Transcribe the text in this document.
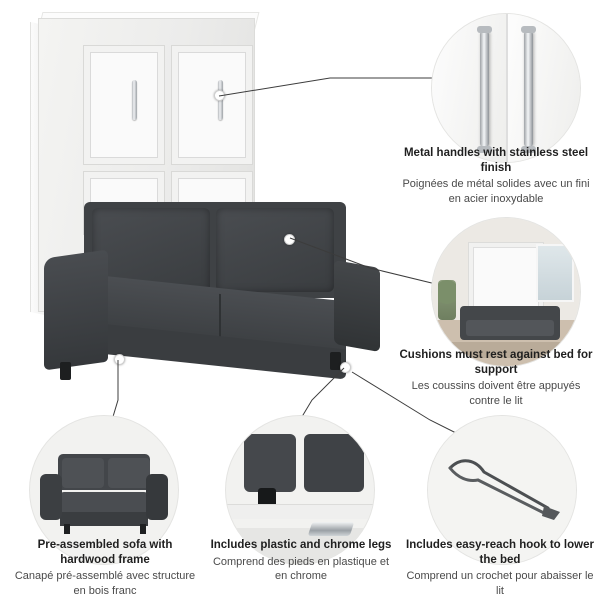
Metal handles with stainless steel finish

Poignées de métal solides avec un fini en acier inoxydable

Cushions must rest against bed for support

Les coussins doivent être appuyés contre le lit

Pre-assembled sofa with hardwood frame

Canapé pré-assemblé avec structure en bois franc

Includes plastic and chrome legs

Comprend des pieds en plastique et en chrome

Includes easy-reach hook to lower the bed

Comprend un crochet pour abaisser le lit
